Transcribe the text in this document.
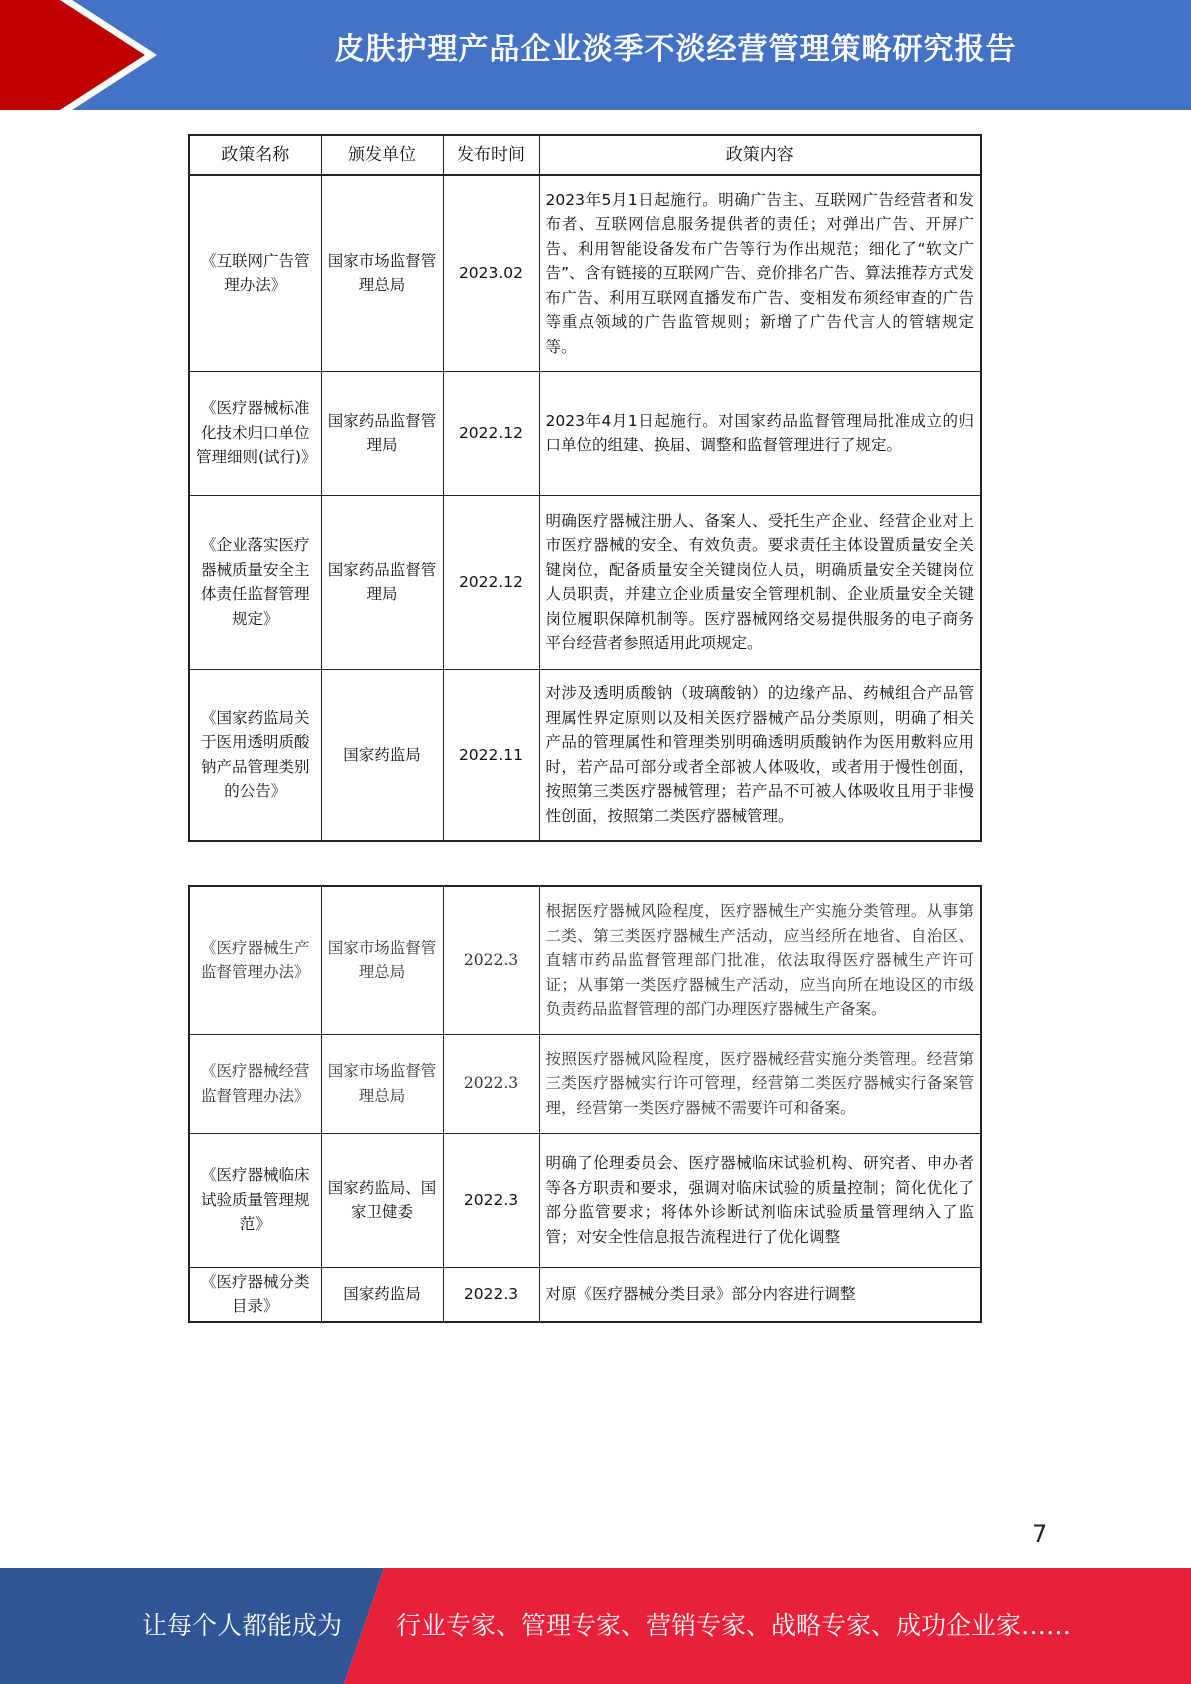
皮肤护理产品企业淡季不淡经营管理策略研究报告
政策名称	颁发单位	发布时间	政策内容
《互联网广告管理办法》	国家市场监督管理总局	2023.02	2023年5月1日起施行。明确广告主、互联网广告经营者和发布者、互联网信息服务提供者的责任；对弹出广告、开屏广告、利用智能设备发布广告等行为作出规范；细化了“软文广告”、含有链接的互联网广告、竞价排名广告、算法推荐方式发布广告、利用互联网直播发布广告、变相发布须经审查的广告等重点领域的广告监管规则；新增了广告代言人的管辖规定等。
《医疗器械标准化技术归口单位管理细则(试行)》	国家药品监督管理局	2022.12	2023年4月1日起施行。对国家药品监督管理局批准成立的归口单位的组建、换届、调整和监督管理进行了规定。
《企业落实医疗器械质量安全主体责任监督管理规定》	国家药品监督管理局	2022.12	明确医疗器械注册人、备案人、受托生产企业、经营企业对上市医疗器械的安全、有效负责。要求责任主体设置质量安全关键岗位，配备质量安全关键岗位人员，明确质量安全关键岗位人员职责，并建立企业质量安全管理机制、企业质量安全关键岗位履职保障机制等。医疗器械网络交易提供服务的电子商务平台经营者参照适用此项规定。
《国家药监局关于医用透明质酸钠产品管理类别的公告》	国家药监局	2022.11	对涉及透明质酸钠（玻璃酸钠）的边缘产品、药械组合产品管理属性界定原则以及相关医疗器械产品分类原则，明确了相关产品的管理属性和管理类别明确透明质酸钠作为医用敷料应用时，若产品可部分或者全部被人体吸收，或者用于慢性创面，按照第三类医疗器械管理；若产品不可被人体吸收且用于非慢性创面，按照第二类医疗器械管理。
《医疗器械生产监督管理办法》	国家市场监督管理总局	2022.3	根据医疗器械风险程度，医疗器械生产实施分类管理。从事第二类、第三类医疗器械生产活动，应当经所在地省、自治区、直辖市药品监督管理部门批准，依法取得医疗器械生产许可证；从事第一类医疗器械生产活动，应当向所在地设区的市级负责药品监督管理的部门办理医疗器械生产备案。
《医疗器械经营监督管理办法》	国家市场监督管理总局	2022.3	按照医疗器械风险程度，医疗器械经营实施分类管理。经营第三类医疗器械实行许可管理，经营第二类医疗器械实行备案管理，经营第一类医疗器械不需要许可和备案。
《医疗器械临床试验质量管理规范》	国家药监局、国家卫健委	2022.3	明确了伦理委员会、医疗器械临床试验机构、研究者、申办者等各方职责和要求，强调对临床试验的质量控制；简化优化了部分监管要求；将体外诊断试剂临床试验质量管理纳入了监管；对安全性信息报告流程进行了优化调整
《医疗器械分类目录》	国家药监局	2022.3	对原《医疗器械分类目录》部分内容进行调整
7
让每个人都能成为 行业专家、管理专家、营销专家、战略专家、成功企业家……
